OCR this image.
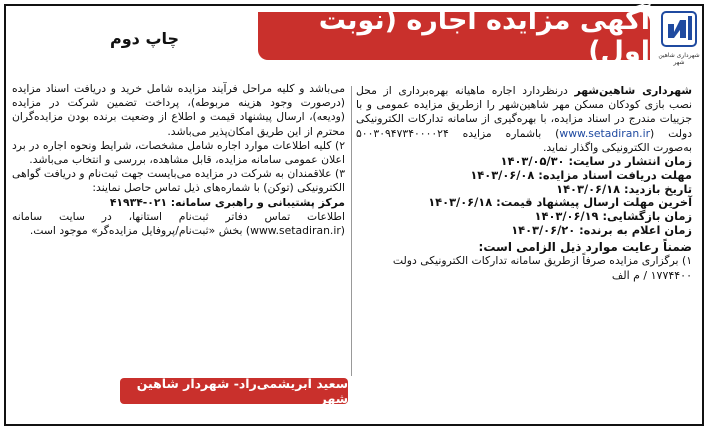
شهرداری شاهین شهر
آگهی مزایده اجاره (نوبت اول)
چاپ دوم

شهرداری شاهین‌شهر درنظردارد اجاره ماهیانه بهره‌برداری از محل نصب بازی کودکان مسکن مهر شاهین‌شهر را ازطریق مزایده عمومی و با جزییات مندرج در اسناد مزایده، با بهره‌گیری از سامانه تدارکات الکترونیکی دولت (www.setadiran.ir) باشماره مزایده ۵۰۰۳۰۹۴۷۳۴۰۰۰۰۲۴ به‌صورت الکترونیکی واگذار نماید.

زمان انتشار در سایت: ۱۴۰۳/۰۵/۳۰

مهلت دریافت اسناد مزایده: ۱۴۰۳/۰۶/۰۸

تاریخ بازدید: ۱۴۰۳/۰۶/۱۸

آخرین مهلت ارسال پیشنهاد قیمت: ۱۴۰۳/۰۶/۱۸

زمان بازگشایی: ۱۴۰۳/۰۶/۱۹

زمان اعلام به برنده: ۱۴۰۳/۰۶/۲۰

ضمناً رعایت موارد ذیل الزامی است:

۱) برگزاری مزایده صرفاً ازطریق سامانه تدارکات الکترونیکی دولت

۱۷۷۴۴۰۰ / م الف

می‌باشد و کلیه مراحل فرآیند مزایده شامل خرید و دریافت اسناد مزایده (درصورت وجود هزینه مربوطه)، پرداخت تضمین شرکت در مزایده (ودیعه)، ارسال پیشنهاد قیمت و اطلاع از وضعیت برنده بودن مزایده‌گران محترم از این طریق امکان‌پذیر می‌باشد.

۲) کلیه اطلاعات موارد اجاره شامل مشخصات، شرایط ونحوه اجاره در برد اعلان عمومی سامانه مزایده، قابل مشاهده، بررسی و انتخاب می‌باشد.

۳) علاقمندان به شرکت در مزایده می‌بایست جهت ثبت‌نام و دریافت گواهی الکترونیکی (توکن) با شماره‌های ذیل تماس حاصل نمایند:

مرکز پشتیبانی و راهبری سامانه: ۰۲۱-۴۱۹۳۴

اطلاعات تماس دفاتر ثبت‌نام استانها، در سایت سامانه (www.setadiran.ir) بخش «ثبت‌نام/پروفایل مزایده‌گر» موجود است.

سعید ابریشمی‌راد- شهردار شاهین شهر
